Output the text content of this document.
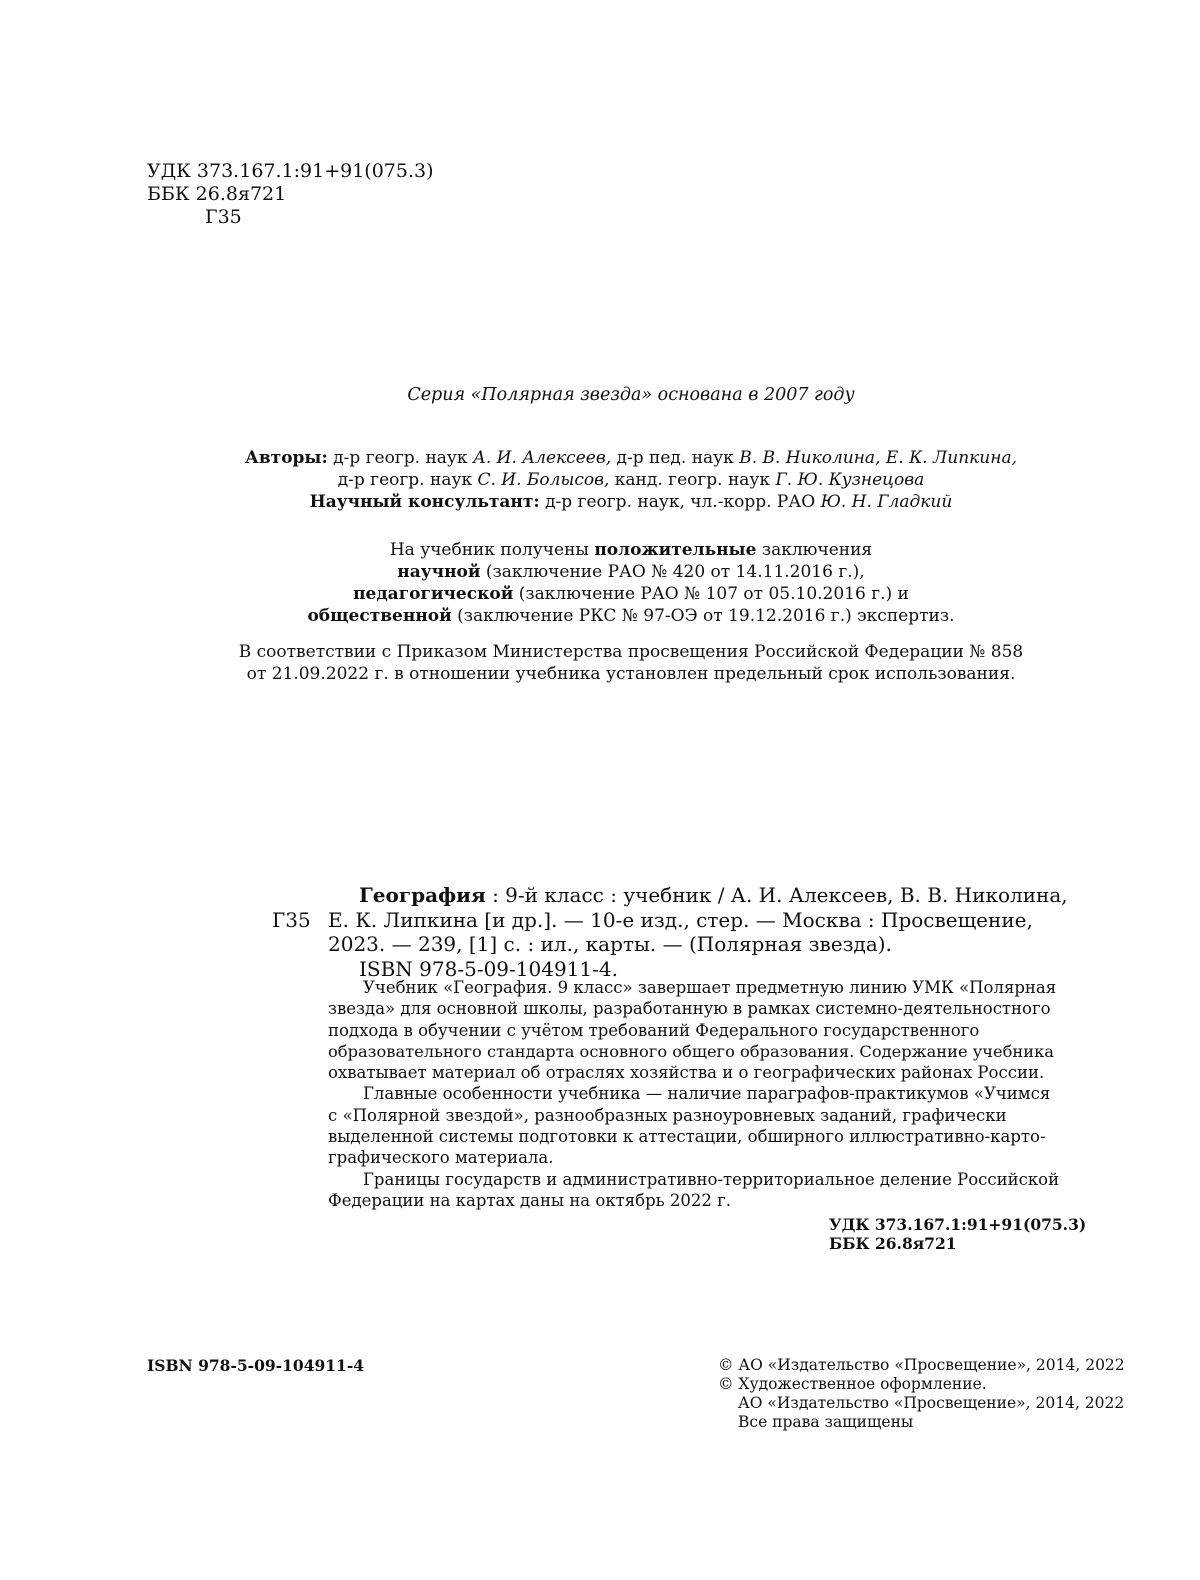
УДК 373.167.1:91+91(075.3)
ББК 26.8я721
Г35
Серия «Полярная звезда» основана в 2007 году
Авторы: д-р геогр. наук А. И. Алексеев, д-р пед. наук В. В. Николина, Е. К. Липкина,
д-р геогр. наук С. И. Болысов, канд. геогр. наук Г. Ю. Кузнецова
Научный консультант: д-р геогр. наук, чл.-корр. РАО Ю. Н. Гладкий
На учебник получены положительные заключения
научной (заключение РАО № 420 от 14.11.2016 г.),
педагогической (заключение РАО № 107 от 05.10.2016 г.) и
общественной (заключение РКС № 97-ОЭ от 19.12.2016 г.) экспертиз.
В соответствии с Приказом Министерства просвещения Российской Федерации № 858
от 21.09.2022 г. в отношении учебника установлен предельный срок использования.
Г35
География : 9-й класс : учебник / А. И. Алексеев, В. В. Николина,
Е. К. Липкина [и др.]. — 10-е изд., стер. — Москва : Просвещение,
2023. — 239, [1] с. : ил., карты. — (Полярная звезда).
ISBN 978-5-09-104911-4.
Учебник «География. 9 класс» завершает предметную линию УМК «Полярная
звезда» для основной школы, разработанную в рамках системно-деятельностного
подхода в обучении с учётом требований Федерального государственного
образовательного стандарта основного общего образования. Содержание учебника
охватывает материал об отраслях хозяйства и о географических районах России.
Главные особенности учебника — наличие параграфов-практикумов «Учимся
с «Полярной звездой», разнообразных разноуровневых заданий, графически
выделенной системы подготовки к аттестации, обширного иллюстративно-карто-
графического материала.
Границы государств и административно-территориальное деление Российской
Федерации на картах даны на октябрь 2022 г.
УДК 373.167.1:91+91(075.3)
ББК 26.8я721
ISBN 978-5-09-104911-4	© АО «Издательство «Просвещение», 2014, 2022
© Художественное оформление.
АО «Издательство «Просвещение», 2014, 2022
Все права защищены
